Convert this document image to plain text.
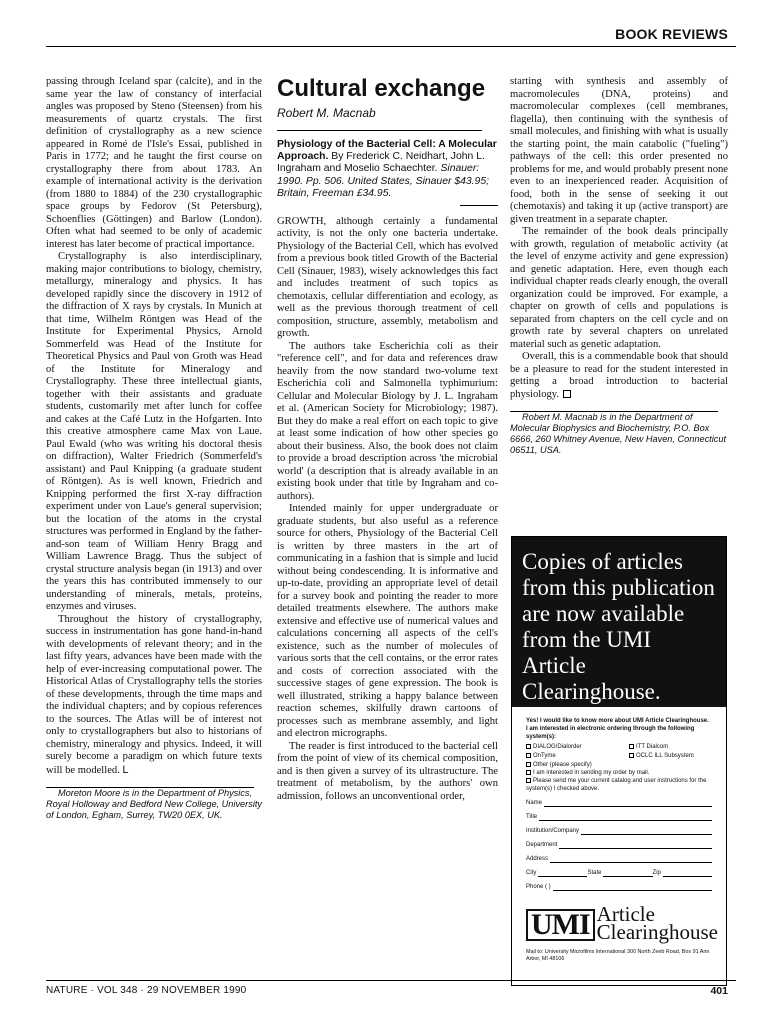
BOOK REVIEWS

passing through Iceland spar (calcite), and in the same year the law of constancy of interfacial angles was proposed by Steno (Steensen) from his measurements of quartz crystals. The first definition of crystallography as a new science appeared in Romé de l'Isle's Essai, published in Paris in 1772; and he taught the first course on crystallography there from about 1783. An example of international activity is the derivation (from 1880 to 1884) of the 230 crystallographic space groups by Fedorov (St Petersburg), Schoenflies (Göttingen) and Barlow (London). Often what had seemed to be only of academic interest has later become of practical importance.

Crystallography is also interdisciplinary, making major contributions to biology, chemistry, metallurgy, mineralogy and physics. It has developed rapidly since the discovery in 1912 of the diffraction of X rays by crystals. In Munich at that time, Wilhelm Röntgen was Head of the Institute for Experimental Physics, Arnold Sommerfeld was Head of the Institute for Theoretical Physics and Paul von Groth was Head of the Institute for Mineralogy and Crystallography. These three intellectual giants, together with their assistants and graduate students, customarily met after lunch for coffee and cakes at the Café Lutz in the Hofgarten. Into this creative atmosphere came Max von Laue. Paul Ewald (who was writing his doctoral thesis on diffraction), Walter Friedrich (Sommerfeld's assistant) and Paul Knipping (a graduate student of Röntgen). As is well known, Friedrich and Knipping performed the first X-ray diffraction experiment under von Laue's general supervision; but the location of the atoms in the crystal structures was performed in England by the father-and-son team of William Henry Bragg and William Lawrence Bragg. Thus the subject of crystal structure analysis began (in 1913) and over the years this has contributed immensely to our understanding of minerals, metals, proteins, enzymes and viruses.

Throughout the history of crystallography, success in instrumentation has gone hand-in-hand with developments of relevant theory; and in the last fifty years, advances have been made with the help of ever-increasing computational power. The Historical Atlas of Crystallography tells the stories of these developments, through the time maps and the individual chapters; and by copious references to the sources. The Atlas will be of interest not only to crystallographers but also to historians of chemistry, mineralogy and physics. Indeed, it will surely become a paradigm on which future texts will be modelled. L

Moreton Moore is in the Department of Physics, Royal Holloway and Bedford New College, University of London, Egham, Surrey, TW20 0EX, UK.

Cultural exchange
Robert M. Macnab
Physiology of the Bacterial Cell: A Molecular Approach. By Frederick C. Neidhart, John L. Ingraham and Moselio Schaechter. Sinauer: 1990. Pp. 506. United States, Sinauer $43.95; Britain, Freeman £34.95.

GROWTH, although certainly a fundamental activity, is not the only one bacteria undertake. Physiology of the Bacterial Cell, which has evolved from a previous book titled Growth of the Bacterial Cell (Sinauer, 1983), wisely acknowledges this fact and includes treatment of such topics as chemotaxis, cellular differentiation and ecology, as well as the previous thorough treatment of cell composition, structure, assembly, metabolism and growth.

The authors take Escherichia coli as their "reference cell", and for data and references draw heavily from the now standard two-volume text Escherichia coli and Salmonella typhimurium: Cellular and Molecular Biology by J. L. Ingraham et al. (American Society for Microbiology; 1987). But they do make a real effort on each topic to give at least some indication of how other species go about their business. Also, the book does not claim to provide a broad description across 'the microbial world' (a description that is already available in an existing book under that title by Ingraham and co-authors).

Intended mainly for upper undergraduate or graduate students, but also useful as a reference source for others, Physiology of the Bacterial Cell is written by three masters in the art of communicating in a fashion that is simple and lucid without being condescending. It is informative and up-to-date, providing an appropriate level of detail for a survey book and pointing the reader to more detailed treatments elsewhere. The authors make extensive and effective use of numerical values and calculations concerning all aspects of the cell's existence, such as the number of molecules of various sorts that the cell contains, or the error rates and costs of correction associated with the successive stages of gene expression. The book is well illustrated, striking a happy balance between reaction schemes, skilfully drawn cartoons of processes such as membrane assembly, and light and electron micrographs.

The reader is first introduced to the bacterial cell from the point of view of its chemical composition, and is then given a survey of its ultrastructure. The treatment of metabolism, by the authors' own admission, follows an unconventional order,

starting with synthesis and assembly of macromolecules (DNA, proteins) and macromolecular complexes (cell membranes, flagella), then continuing with the synthesis of small molecules, and finishing with what is usually the starting point, the main catabolic ("fueling") pathways of the cell: this order presented no problems for me, and would probably present none even to an inexperienced reader. Acquisition of food, both in the sense of seeking it out (chemotaxis) and taking it up (active transport) are given treatment in a separate chapter.

The remainder of the book deals principally with growth, regulation of metabolic activity (at the level of enzyme activity and gene expression) and genetic adaptation. Here, even though each individual chapter reads clearly enough, the overall organization could be improved. For example, a chapter on growth of cells and populations is separated from chapters on the cell cycle and on growth rate by several chapters on unrelated material such as genetic adaptation.

Overall, this is a commendable book that should be a pleasure to read for the student interested in getting a broad introduction to bacterial physiology.

Robert M. Macnab is in the Department of Molecular Biophysics and Biochemistry, P.O. Box 6666, 260 Whitney Avenue, New Haven, Connecticut 06511, USA.

Copies of articles from this publication are now available from the UMI Article Clearinghouse.
Yes! I would like to know more about UMI Article Clearinghouse. I am interested in electronic ordering through the following system(s):
DIALOG/Dialorder	ITT Dialcom
OnTyme	OCLC ILL Subsystem
Other (please specify)
I am interested in sending my order by mail.
Please send me your current catalog and user instructions for the system(s) I checked above.
Name
Title
Institution/Company
Department
Address
City	State	Zip
Phone ( )
UMI Article Clearinghouse
Mail to: University Microfilms International 300 North Zeeb Road, Box 91 Ann Arbor, MI 48106
NATURE · VOL 348 · 29 NOVEMBER 1990	401
